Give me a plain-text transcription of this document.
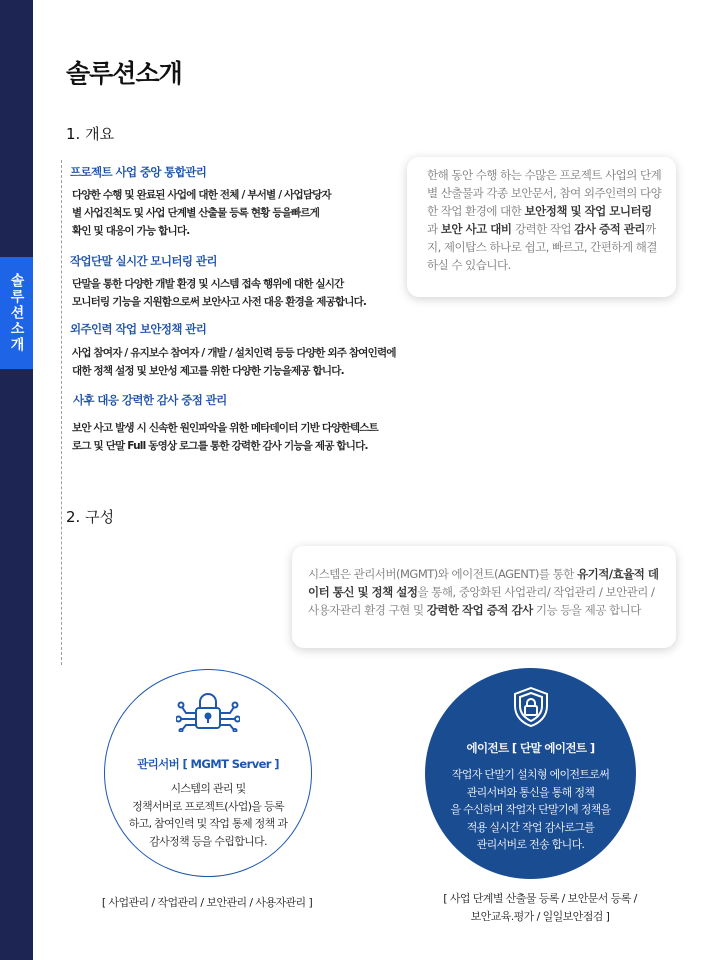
솔루션소개
솔루션소개
1. 개요
프로젝트 사업 중앙 통합관리
다양한 수행 및 완료된 사업에 대한 전체 / 부서별 / 사업담당자
별 사업진척도 및 사업 단계별 산출물 등록 현황 등을빠르게
확인 및 대응이 가능 합니다.
작업단말 실시간 모니터링 관리
단말을 통한 다양한 개발 환경 및 시스템 접속 행위에 대한 실시간
모니터링 기능을 지원함으로써 보안사고 사전 대응 환경을 제공합니다.
외주인력 작업 보안정책 관리
사업 참여자 / 유지보수 참여자 / 개발 / 설치인력 등등 다양한 외주 참여인력에
대한 정책 설정 및 보안성 제고를 위한 다양한 기능을제공 합니다.
사후 대응 강력한 감사 중점 관리
보안 사고 발생 시 신속한 원인파악을 위한 메타데이터 기반 다양한텍스트
로그 및 단말 Full 동영상 로그를 통한 강력한 감사 기능을 제공 합니다.
한해 동안 수행 하는 수많은 프로젝트 사업의 단계별 산출물과 각종 보안문서, 참여 외주인력의 다양한 작업 환경에 대한 보안정책 및 작업 모니터링과 보안 사고 대비 강력한 작업 감사 증적 관리까지, 제이탑스 하나로 쉽고, 빠르고, 간편하게 해결하실 수 있습니다.
2. 구성
시스템은 관리서버(MGMT)와 에이전트(AGENT)를 통한 유기적/효율적 데이터 통신 및 정책 설정을 통해, 중앙화된 사업관리/ 작업관리 / 보안관리 / 사용자관리 환경 구현 및 강력한 작업 증적 감사 기능 등을 제공 합니다
관리서버 [ MGMT Server ]
시스템의 관리 및
정책서버로 프로젝트(사업)을 등록
하고, 참여인력 및 작업 통제 정책 과
감사정책 등을 수립합니다.
에이전트 [ 단말 에이전트 ]
작업자 단말기 설치형 에이전트로써
관리서버와 통신을 통해 정책
을 수신하며 작업자 단말기에 정책을
적용 실시간 작업 감사로그를
관리서버로 전송 합니다.
[ 사업관리 / 작업관리 / 보안관리 / 사용자관리 ]	[ 사업 단계별 산출물 등록 / 보안문서 등록 /
보안교육.평가 / 일일보안점검 ]
